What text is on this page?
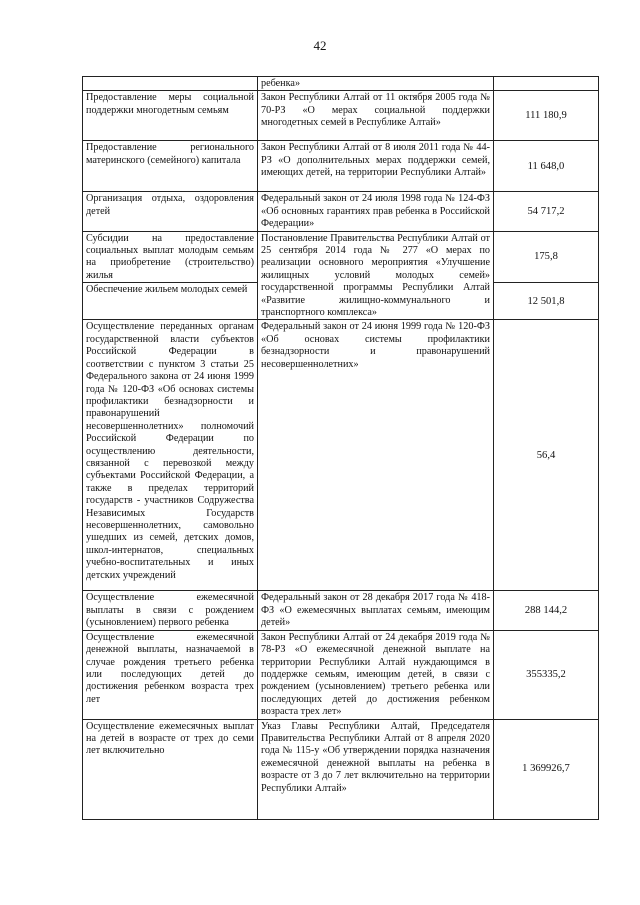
42
	ребенка»	
Предоставление меры социальной поддержки многодетным семьям	Закон Республики Алтай от 11 октября 2005 года № 70-РЗ «О мерах социальной поддержки многодетных семей в Республике Алтай»	111 180,9
Предоставление регионального материнского (семейного) капитала	Закон Республики Алтай от 8 июля 2011 года № 44-РЗ «О дополнительных мерах поддержки семей, имеющих детей, на территории Республики Алтай»	11 648,0
Организация отдыха, оздоровления детей	Федеральный закон от 24 июля 1998 года № 124-ФЗ «Об основных гарантиях прав ребенка в Российской Федерации»	54 717,2
Субсидии на предоставление социальных выплат молодым семьям на приобретение (строительство) жилья	Постановление Правительства Республики Алтай от 25 сентября 2014 года № 277 «О мерах по реализации основного мероприятия «Улучшение жилищных условий молодых семей» государственной программы Республики Алтай «Развитие жилищно-коммунального и транспортного комплекса»	175,8
Обеспечение жильем молодых семей		12 501,8
Осуществление переданных органам государственной власти субъектов Российской Федерации в соответствии с пунктом 3 статьи 25 Федерального закона от 24 июня 1999 года № 120-ФЗ «Об основах системы профилактики безнадзорности и правонарушений несовершеннолетних» полномочий Российской Федерации по осуществлению деятельности, связанной с перевозкой между субъектами Российской Федерации, а также в пределах территорий государств - участников Содружества Независимых Государств несовершеннолетних, самовольно ушедших из семей, детских домов, школ-интернатов, специальных учебно-воспитательных и иных детских учреждений	Федеральный закон от 24 июня 1999 года № 120-ФЗ «Об основах системы профилактики безнадзорности и правонарушений несовершеннолетних»	56,4
Осуществление ежемесячной выплаты в связи с рождением (усыновлением) первого ребенка	Федеральный закон от 28 декабря 2017 года № 418-ФЗ «О ежемесячных выплатах семьям, имеющим детей»	288 144,2
Осуществление ежемесячной денежной выплаты, назначаемой в случае рождения третьего ребенка или последующих детей до достижения ребенком возраста трех лет	Закон Республики Алтай от 24 декабря 2019 года № 78-РЗ «О ежемесячной денежной выплате на территории Республики Алтай нуждающимся в поддержке семьям, имеющим детей, в связи с рождением (усыновлением) третьего ребенка или последующих детей до достижения ребенком возраста трех лет»	355335,2
Осуществление ежемесячных выплат на детей в возрасте от трех до семи лет включительно	Указ Главы Республики Алтай, Председателя Правительства Республики Алтай от 8 апреля 2020 года № 115-у «Об утверждении порядка назначения ежемесячной денежной выплаты на ребенка в возрасте от 3 до 7 лет включительно на территории Республики Алтай»	1 369926,7
